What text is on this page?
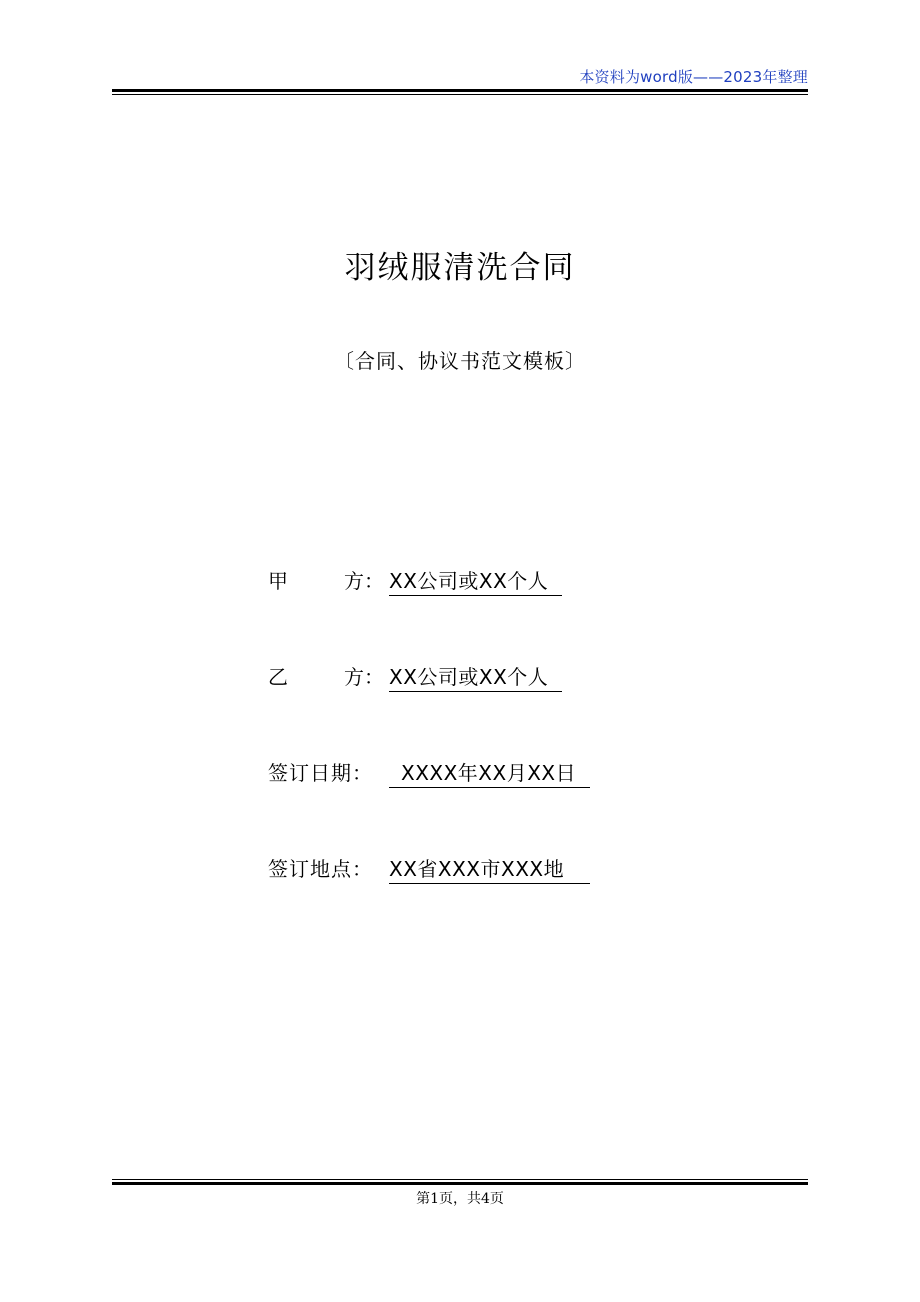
本资料为word版——2023年整理
羽绒服清洗合同
〔合同、协议书范文模板〕
甲	方： XX公司或XX个人
乙	方： XX公司或XX个人
签订日期：	XXXX年XX月XX日
签订地点： XX省XXX市XXX地
第1页，共4页
